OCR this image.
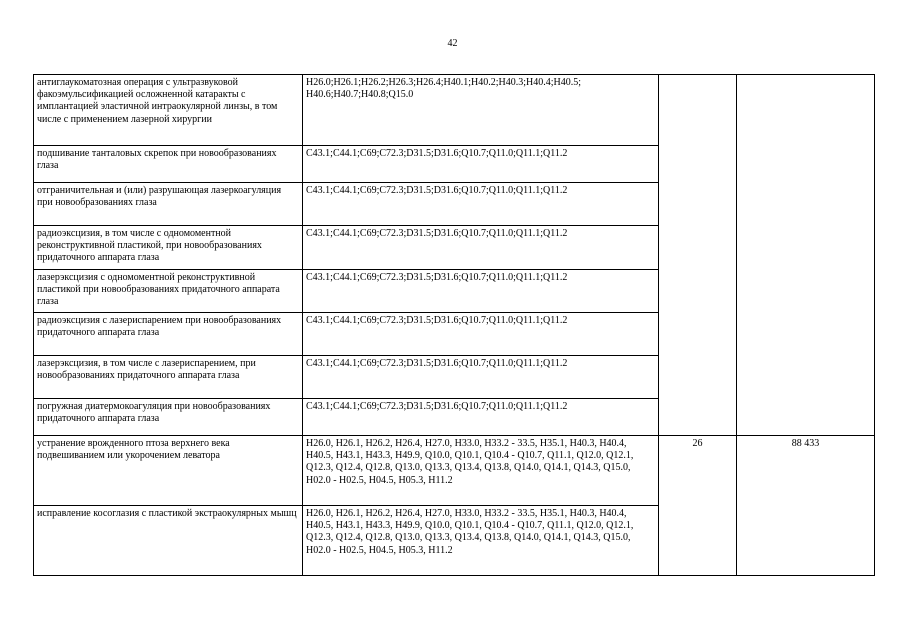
42
антиглаукоматозная операция с ультразвуковой факоэмульсификацией осложненной катаракты с имплантацией эластичной интраокулярной линзы, в том числе с применением лазерной хирургии	H26.0;H26.1;H26.2;H26.3;H26.4;H40.1;H40.2;H40.3;H40.4;H40.5; H40.6;H40.7;H40.8;Q15.0		
подшивание танталовых скрепок при новообразованиях глаза	C43.1;C44.1;C69;C72.3;D31.5;D31.6;Q10.7;Q11.0;Q11.1;Q11.2		
отграничительная и (или) разрушающая лазеркоагуляция при новообразованиях глаза	C43.1;C44.1;C69;C72.3;D31.5;D31.6;Q10.7;Q11.0;Q11.1;Q11.2		
радиоэксцизия, в том числе с одномоментной реконструктивной пластикой, при новообразованиях придаточного аппарата глаза	C43.1;C44.1;C69;C72.3;D31.5;D31.6;Q10.7;Q11.0;Q11.1;Q11.2		
лазерэксцизия с одномоментной реконструктивной пластикой при новообразованиях придаточного аппарата глаза	C43.1;C44.1;C69;C72.3;D31.5;D31.6;Q10.7;Q11.0;Q11.1;Q11.2		
радиоэксцизия с лазериспарением при новообразованиях придаточного аппарата глаза	C43.1;C44.1;C69;C72.3;D31.5;D31.6;Q10.7;Q11.0;Q11.1;Q11.2		
лазерэксцизия, в том числе с лазериспарением, при новообразованиях придаточного аппарата глаза	C43.1;C44.1;C69;C72.3;D31.5;D31.6;Q10.7;Q11.0;Q11.1;Q11.2		
погружная диатермокоагуляция при новообразованиях придаточного аппарата глаза	C43.1;C44.1;C69;C72.3;D31.5;D31.6;Q10.7;Q11.0;Q11.1;Q11.2		
устранение врожденного птоза верхнего века подвешиванием или укорочением леватора	H26.0, H26.1, H26.2, H26.4, H27.0, H33.0, H33.2 - 33.5, H35.1, H40.3, H40.4, H40.5, H43.1, H43.3, H49.9, Q10.0, Q10.1, Q10.4 - Q10.7, Q11.1, Q12.0, Q12.1, Q12.3, Q12.4, Q12.8, Q13.0, Q13.3, Q13.4, Q13.8, Q14.0, Q14.1, Q14.3, Q15.0, H02.0 - H02.5, H04.5, H05.3, H11.2	26	88 433
исправление косоглазия с пластикой экстраокулярных мышц	H26.0, H26.1, H26.2, H26.4, H27.0, H33.0, H33.2 - 33.5, H35.1, H40.3, H40.4, H40.5, H43.1, H43.3, H49.9, Q10.0, Q10.1, Q10.4 - Q10.7, Q11.1, Q12.0, Q12.1, Q12.3, Q12.4, Q12.8, Q13.0, Q13.3, Q13.4, Q13.8, Q14.0, Q14.1, Q14.3, Q15.0, H02.0 - H02.5, H04.5, H05.3, H11.2		
